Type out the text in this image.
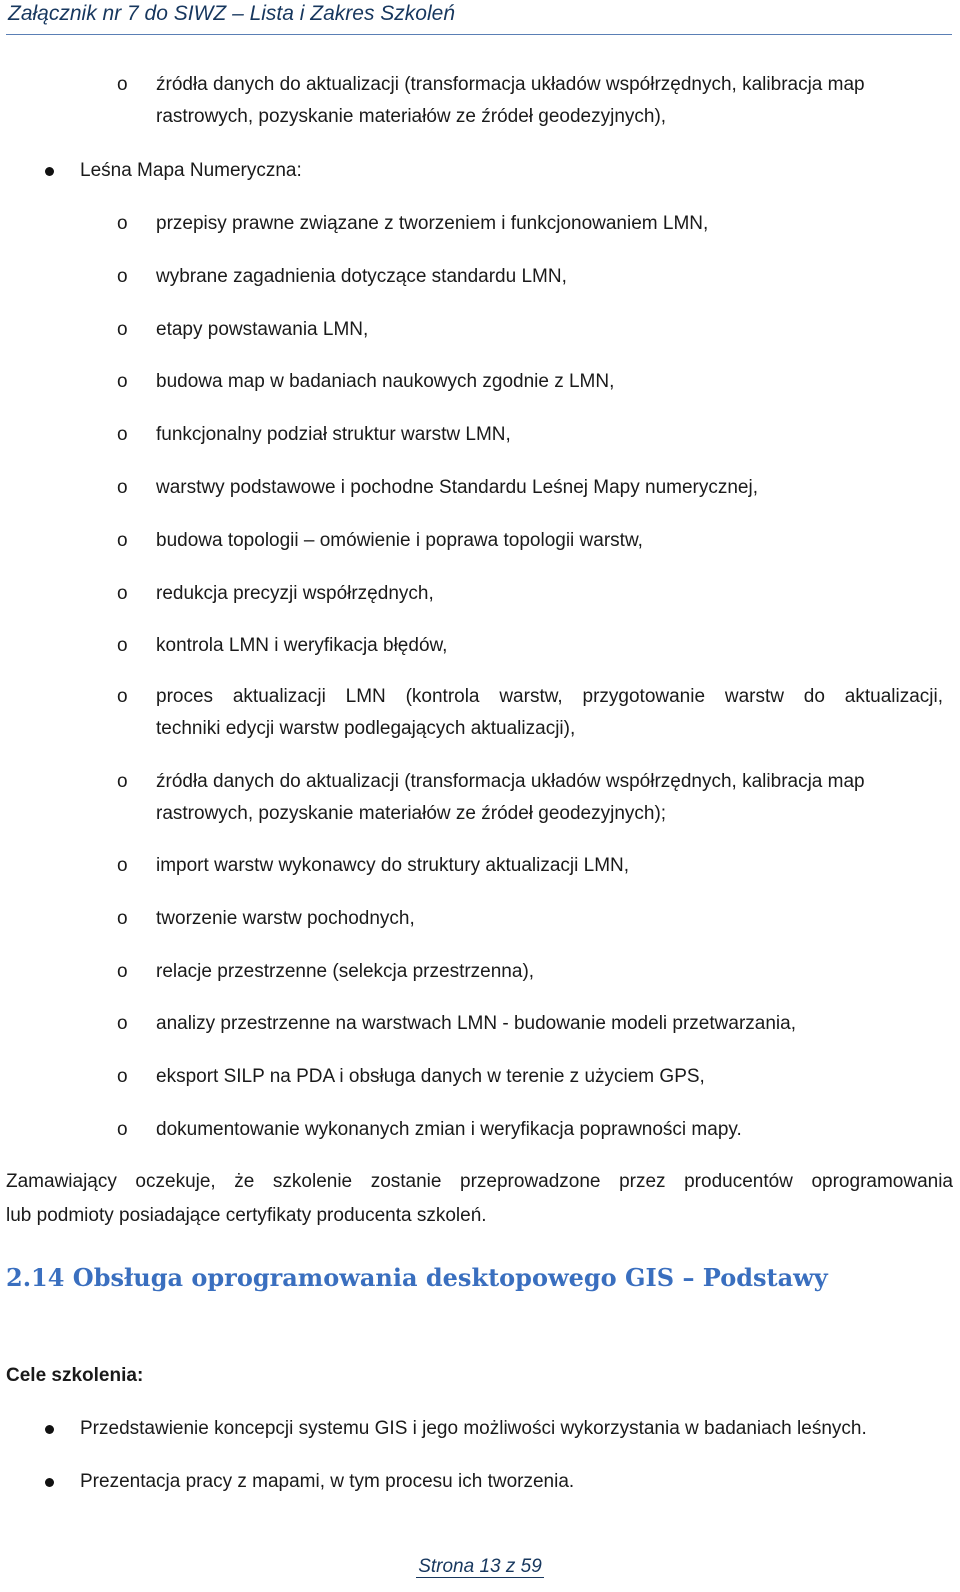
Załącznik nr 7 do SIWZ – Lista i Zakres Szkoleń
o źródła danych do aktualizacji (transformacja układów współrzędnych, kalibracja map
rastrowych, pozyskanie materiałów ze źródeł geodezyjnych),
Leśna Mapa Numeryczna:
o przepisy prawne związane z tworzeniem i funkcjonowaniem LMN,
o wybrane zagadnienia dotyczące standardu LMN,
o etapy powstawania LMN,
o budowa map w badaniach naukowych zgodnie z LMN,
o funkcjonalny podział struktur warstw LMN,
o warstwy podstawowe i pochodne Standardu Leśnej Mapy numerycznej,
o budowa topologii – omówienie i poprawa topologii warstw,
o redukcja precyzji współrzędnych,
o kontrola LMN i weryfikacja błędów,
o proces aktualizacji LMN (kontrola warstw, przygotowanie warstw do aktualizacji,
techniki edycji warstw podlegających aktualizacji),
o źródła danych do aktualizacji (transformacja układów współrzędnych, kalibracja map
rastrowych, pozyskanie materiałów ze źródeł geodezyjnych);
o import warstw wykonawcy do struktury aktualizacji LMN,
o tworzenie warstw pochodnych,
o relacje przestrzenne (selekcja przestrzenna),
o analizy przestrzenne na warstwach LMN - budowanie modeli przetwarzania,
o eksport SILP na PDA i obsługa danych w terenie z użyciem GPS,
o dokumentowanie wykonanych zmian i weryfikacja poprawności mapy.
Zamawiający oczekuje, że szkolenie zostanie przeprowadzone przez producentów oprogramowania
lub podmioty posiadające certyfikaty producenta szkoleń.
2.14 Obsługa oprogramowania desktopowego GIS – Podstawy
Cele szkolenia:
Przedstawienie koncepcji systemu GIS i jego możliwości wykorzystania w badaniach leśnych.
Prezentacja pracy z mapami, w tym procesu ich tworzenia.
Strona 13 z 59
